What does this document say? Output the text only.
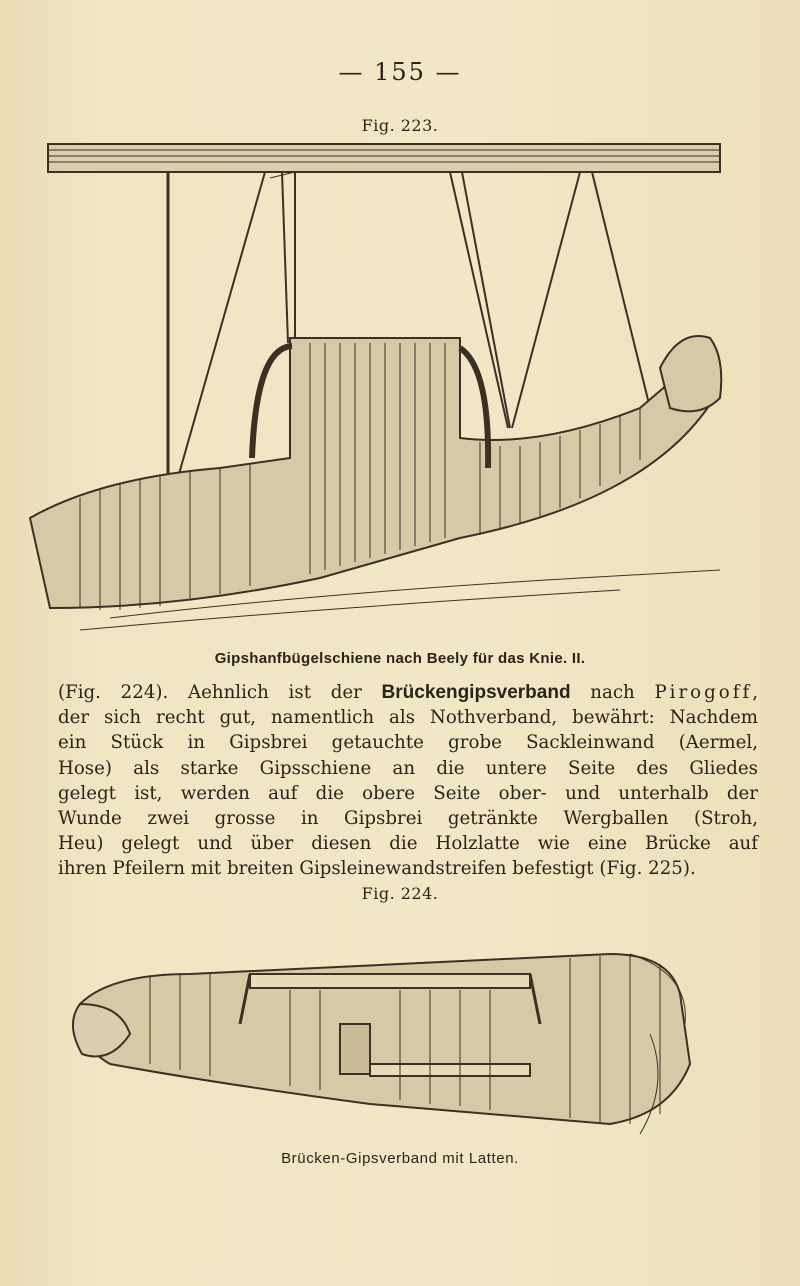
— 155 —
Fig. 223.
Gipshanfbügelschiene nach Beely für das Knie. II.
(Fig. 224). Aehnlich ist der Brückengipsverband nach Pirogoff,
der sich recht gut, namentlich als Nothverband, bewährt: Nachdem
ein Stück in Gipsbrei getauchte grobe Sackleinwand (Aermel,
Hose) als starke Gipsschiene an die untere Seite des Gliedes
gelegt ist, werden auf die obere Seite ober- und unterhalb der
Wunde zwei grosse in Gipsbrei getränkte Wergballen (Stroh,
Heu) gelegt und über diesen die Holzlatte wie eine Brücke auf
ihren Pfeilern mit breiten Gipsleinewandstreifen befestigt (Fig. 225).
Fig. 224.
Brücken-Gipsverband mit Latten.
